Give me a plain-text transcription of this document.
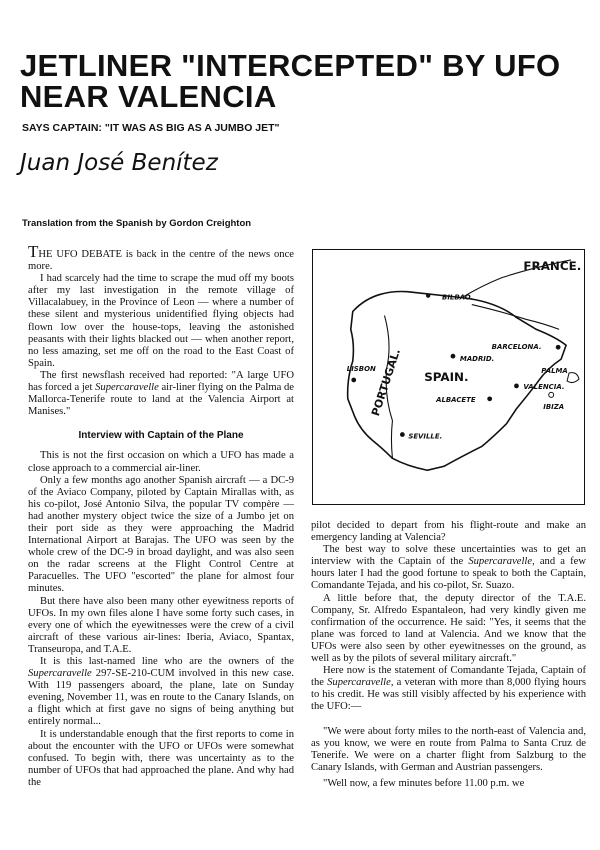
JETLINER "INTERCEPTED" BY UFO NEAR VALENCIA
SAYS CAPTAIN: "IT WAS AS BIG AS A JUMBO JET"
Juan José Benítez
Translation from the Spanish by Gordon Creighton

THE UFO DEBATE is back in the centre of the news once more.

I had scarcely had the time to scrape the mud off my boots after my last investigation in the remote village of Villacalabuey, in the Province of Leon — where a number of these silent and mysterious unidentified flying objects had flown low over the house-tops, leaving the astonished peasants with their lights blacked out — when another report, no less amazing, set me off on the road to the East Coast of Spain.

The first newsflash received had reported: "A large UFO has forced a jet Supercaravelle air-liner flying on the Palma de Mallorca-Tenerife route to land at the Valencia Airport at Manises."

Interview with Captain of the Plane

This is not the first occasion on which a UFO has made a close approach to a commercial air-liner.

Only a few months ago another Spanish aircraft — a DC-9 of the Aviaco Company, piloted by Captain Mirallas with, as his co-pilot, José Antonio Silva, the popular TV compère — had another mystery object twice the size of a Jumbo jet on their port side as they were approaching the Madrid International Airport at Barajas. The UFO was seen by the whole crew of the DC-9 in broad daylight, and was also seen on the radar screens at the Flight Control Centre at Paracuelles. The UFO "escorted" the plane for almost four minutes.

But there have also been many other eyewitness reports of UFOs. In my own files alone I have some forty such cases, in every one of which the eyewitnesses were the crew of a civil aircraft of these various air-lines: Iberia, Aviaco, Spantax, Transeuropa, and T.A.E.

It is this last-named line who are the owners of the Supercaravelle 297-SE-210-CUM involved in this new case. With 119 passengers aboard, the plane, late on Sunday evening, November 11, was en route to the Canary Islands, on a flight which at first gave no signs of being anything but entirely normal...

It is understandable enough that the first reports to come in about the encounter with the UFO or UFOs were somewhat confused. To begin with, there was uncertainty as to the number of UFOs that had approached the plane. And why had the

FRANCE.
BILBAO.
BARCELONA.
MADRID.
SPAIN.
PORTUGAL.
LISBON	PALMA
VALENCIA.
IBIZA
ALBACETE
SEVILLE.

pilot decided to depart from his flight-route and make an emergency landing at Valencia?

The best way to solve these uncertainties was to get an interview with the Captain of the Supercaravelle, and a few hours later I had the good fortune to speak to both the Captain, Comandante Tejada, and his co-pilot, Sr. Suazo.

A little before that, the deputy director of the T.A.E. Company, Sr. Alfredo Espantaleon, had very kindly given me confirmation of the occurrence. He said: "Yes, it seems that the plane was forced to land at Valencia. And we know that the UFOs were also seen by other eyewitnesses on the ground, as well as by the pilots of several military aircraft."

Here now is the statement of Comandante Tejada, Captain of the Supercaravelle, a veteran with more than 8,000 flying hours to his credit. He was still visibly affected by his experience with the UFO:—

"We were about forty miles to the north-east of Valencia and, as you know, we were en route from Palma to Santa Cruz de Tenerife. We were on a charter flight from Salzburg to the Canary Islands, with German and Austrian passengers.

"Well now, a few minutes before 11.00 p.m. we
